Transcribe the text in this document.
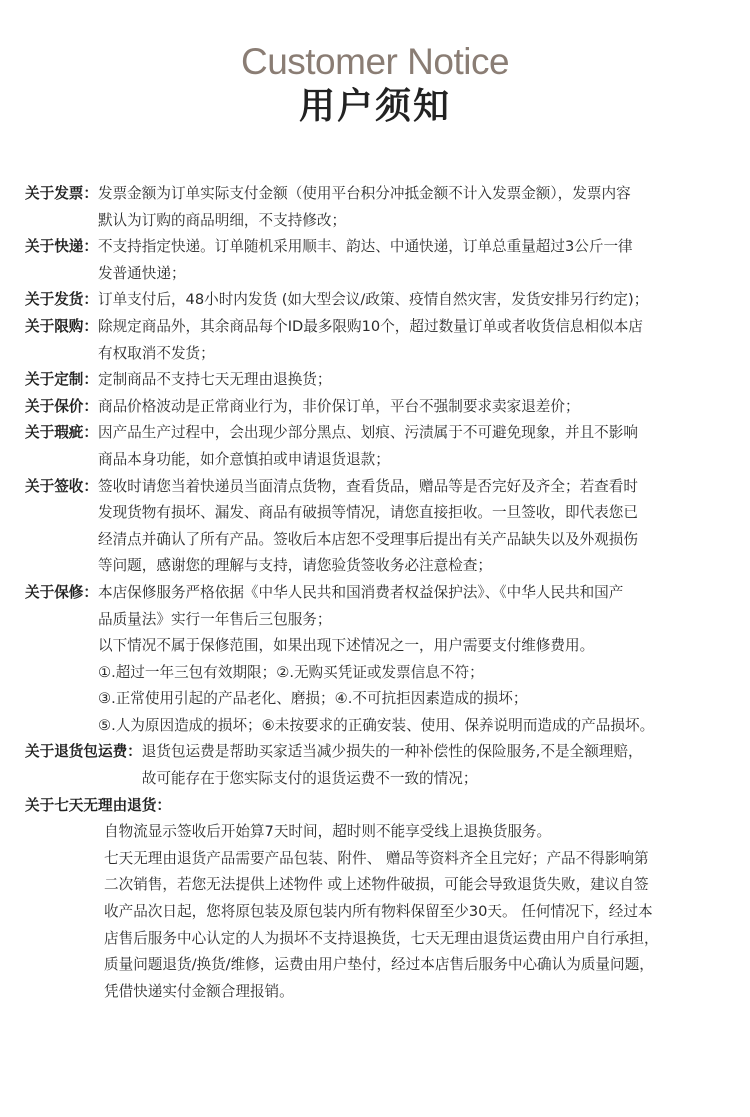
Customer Notice
用户须知
关于发票： 发票金额为订单实际支付金额（使用平台积分冲抵金额不计入发票金额），发票内容
默认为订购的商品明细，不支持修改；
关于快递： 不支持指定快递。订单随机采用顺丰、韵达、中通快递，订单总重量超过3公斤一律
发普通快递；
关于发货： 订单支付后，48小时内发货 (如大型会议/政策、疫情自然灾害，发货安排另行约定)；
关于限购： 除规定商品外，其余商品每个ID最多限购10个，超过数量订单或者收货信息相似本店
有权取消不发货；
关于定制： 定制商品不支持七天无理由退换货；
关于保价： 商品价格波动是正常商业行为，非价保订单，平台不强制要求卖家退差价；
关于瑕疵： 因产品生产过程中，会出现少部分黑点、划痕、污渍属于不可避免现象，并且不影响
商品本身功能，如介意慎拍或申请退货退款；
关于签收： 签收时请您当着快递员当面清点货物，查看货品，赠品等是否完好及齐全；若查看时
发现货物有损坏、漏发、商品有破损等情况，请您直接拒收。一旦签收，即代表您已
经清点并确认了所有产品。签收后本店恕不受理事后提出有关产品缺失以及外观损伤
等问题，感谢您的理解与支持，请您验货签收务必注意检查；
关于保修： 本店保修服务严格依据《中华人民共和国消费者权益保护法》、《中华人民共和国产
品质量法》实行一年售后三包服务；
以下情况不属于保修范围，如果出现下述情况之一，用户需要支付维修费用。
①.超过一年三包有效期限；②.无购买凭证或发票信息不符；
③.正常使用引起的产品老化、磨损；④.不可抗拒因素造成的损坏；
⑤.人为原因造成的损坏；⑥未按要求的正确安装、使用、保养说明而造成的产品损坏。
关于退货包运费： 退货包运费是帮助买家适当减少损失的一种补偿性的保险服务,不是全额理赔，
故可能存在于您实际支付的退货运费不一致的情况；
关于七天无理由退货：
自物流显示签收后开始算7天时间，超时则不能享受线上退换货服务。
七天无理由退货产品需要产品包装、附件、 赠品等资料齐全且完好；产品不得影响第
二次销售，若您无法提供上述物件 或上述物件破损，可能会导致退货失败，建议自签
收产品次日起，您将原包装及原包装内所有物料保留至少30天。 任何情况下，经过本
店售后服务中心认定的人为损坏不支持退换货，七天无理由退货运费由用户自行承担，
质量问题退货/换货/维修，运费由用户垫付，经过本店售后服务中心确认为质量问题，
凭借快递实付金额合理报销。
